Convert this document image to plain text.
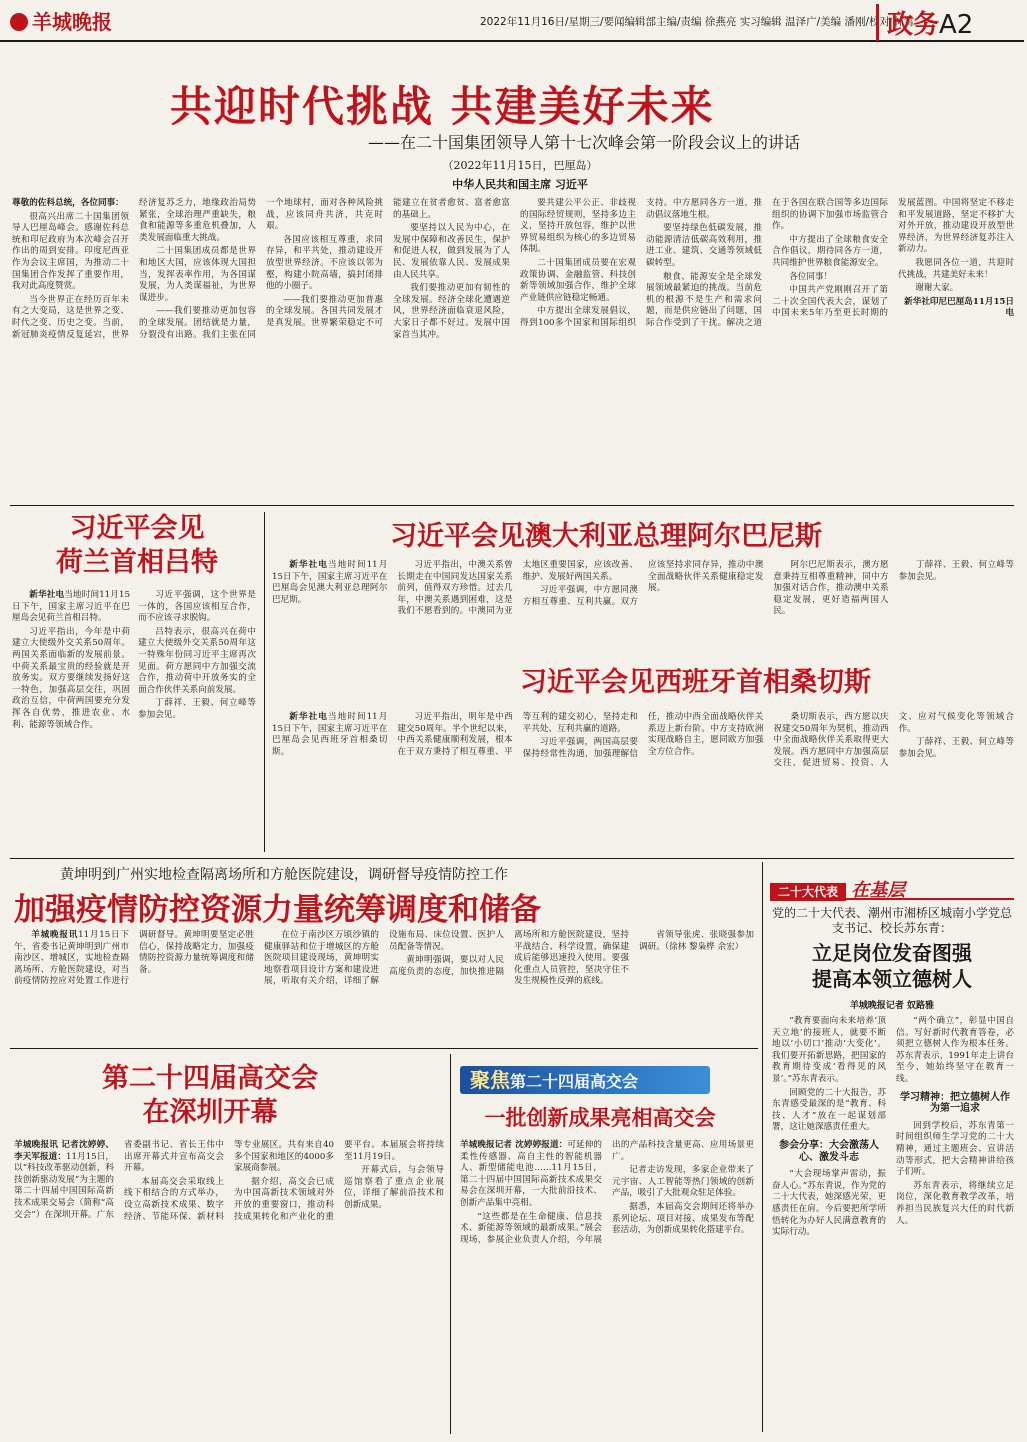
羊城晚报	2022年11月16日/星期三/要闻编辑部主编/责编 徐燕亮 实习编辑 温泽广/美编 潘刚/校对 林霄
政务A2
共迎时代挑战 共建美好未来
——在二十国集团领导人第十七次峰会第一阶段会议上的讲话
（2022年11月15日，巴厘岛）
中华人民共和国主席 习近平

尊敬的佐科总统，各位同事：

很高兴出席二十国集团领导人巴厘岛峰会。感谢佐科总统和印尼政府为本次峰会召开作出的周到安排。印度尼西亚作为会议主席国，为推动二十国集团合作发挥了重要作用，我对此高度赞赏。

当今世界正在经历百年未有之大变局，这是世界之变、时代之变、历史之变。当前，新冠肺炎疫情反复延宕，世界经济复苏乏力，地缘政治局势紧张，全球治理严重缺失，粮食和能源等多重危机叠加，人类发展面临重大挑战。

二十国集团成员都是世界和地区大国，应该体现大国担当，发挥表率作用，为各国谋发展，为人类谋福祉，为世界谋进步。

——我们要推动更加包容的全球发展。团结就是力量，分裂没有出路。我们主张在同一个地球村，面对各种风险挑战，应该同舟共济，共克时艰。

各国应该相互尊重，求同存异，和平共处，推动建设开放型世界经济。不应该以邻为壑，构建小院高墙，搞封闭排他的小圈子。

——我们要推动更加普惠的全球发展。各国共同发展才是真发展。世界繁荣稳定不可能建立在贫者愈贫、富者愈富的基础上。

要坚持以人民为中心，在发展中保障和改善民生，保护和促进人权，做到发展为了人民、发展依靠人民、发展成果由人民共享。

我们要推动更加有韧性的全球发展。经济全球化遭遇逆风，世界经济面临衰退风险，大家日子都不好过。发展中国家首当其冲。

要共建公平公正、非歧视的国际经贸规则，坚持多边主义，坚持开放包容，维护以世界贸易组织为核心的多边贸易体制。

二十国集团成员要在宏观政策协调、金融监管、科技创新等领域加强合作，维护全球产业链供应链稳定畅通。

中方提出全球发展倡议，得到100多个国家和国际组织支持。中方愿同各方一道，推动倡议落地生根。

要坚持绿色低碳发展，推动能源清洁低碳高效利用，推进工业、建筑、交通等领域低碳转型。

粮食、能源安全是全球发展领域最紧迫的挑战。当前危机的根源不是生产和需求问题，而是供应链出了问题，国际合作受到了干扰。解决之道在于各国在联合国等多边国际组织的协调下加强市场监管合作。

中方提出了全球粮食安全合作倡议，期待同各方一道，共同维护世界粮食能源安全。

各位同事！

中国共产党刚刚召开了第二十次全国代表大会，谋划了中国未来5年乃至更长时期的发展蓝图。中国将坚定不移走和平发展道路，坚定不移扩大对外开放，推动建设开放型世界经济，为世界经济复苏注入新动力。

我愿同各位一道，共迎时代挑战，共建美好未来！

谢谢大家。

新华社印尼巴厘岛11月15日电

习近平会见
荷兰首相吕特

新华社电当地时间11月15日下午，国家主席习近平在巴厘岛会见荷兰首相吕特。

习近平指出，今年是中荷建立大使级外交关系50周年。两国关系面临新的发展前景。中荷关系最宝贵的经验就是开放务实。双方要继续发扬好这一特色，加强高层交往，巩固政治互信，中荷两国要充分发挥各自优势，推进农业、水利、能源等领域合作。

习近平强调，这个世界是一体的，各国应该相互合作，而不应该寻求脱钩。

吕特表示，很高兴在荷中建立大使级外交关系50周年这一特殊年份同习近平主席再次见面。荷方愿同中方加强交流合作，推动荷中开放务实的全面合作伙伴关系向前发展。

丁薛祥、王毅、何立峰等参加会见。

习近平会见澳大利亚总理阿尔巴尼斯

新华社电当地时间11月15日下午，国家主席习近平在巴厘岛会见澳大利亚总理阿尔巴尼斯。

习近平指出，中澳关系曾长期走在中国同发达国家关系前列，值得双方珍惜。过去几年，中澳关系遇到困难，这是我们不愿看到的。中澳同为亚太地区重要国家，应该改善、维护、发展好两国关系。

习近平强调，中方愿同澳方相互尊重、互利共赢。双方应该坚持求同存异，推动中澳全面战略伙伴关系健康稳定发展。

阿尔巴尼斯表示，澳方愿意秉持互相尊重精神，同中方加强对话合作，推动澳中关系稳定发展，更好造福两国人民。

丁薛祥、王毅、何立峰等参加会见。

习近平会见西班牙首相桑切斯

新华社电当地时间11月15日下午，国家主席习近平在巴厘岛会见西班牙首相桑切斯。

习近平指出，明年是中西建交50周年。半个世纪以来，中西关系健康顺利发展，根本在于双方秉持了相互尊重、平等互利的建交初心，坚持走和平共处、互利共赢的道路。

习近平强调，两国高层要保持经常性沟通，加强理解信任，推动中西全面战略伙伴关系迈上新台阶。中方支持欧洲实现战略自主，愿同欧方加强全方位合作。

桑切斯表示，西方愿以庆祝建交50周年为契机，推动西中全面战略伙伴关系取得更大发展。西方愿同中方加强高层交往，促进贸易、投资、人文、应对气候变化等领域合作。

丁薛祥、王毅、何立峰等参加会见。

黄坤明到广州实地检查隔离场所和方舱医院建设，调研督导疫情防控工作
加强疫情防控资源力量统筹调度和储备

羊城晚报讯11月15日下午，省委书记黄坤明到广州市南沙区、增城区，实地检查隔离场所、方舱医院建设，对当前疫情防控应对处置工作进行调研督导。黄坤明要坚定必胜信心，保持战略定力，加强疫情防控资源力量统筹调度和储备。

在位于南沙区万顷沙镇的健康驿站和位于增城区的方舱医院项目建设现场，黄坤明实地察看项目设计方案和建设进展，听取有关介绍，详细了解设施布局、床位设置、医护人员配备等情况。

黄坤明强调，要以对人民高度负责的态度，加快推进隔离场所和方舱医院建设，坚持平战结合、科学设置，确保建成后能够迅速投入使用。要强化重点人员管控，坚决守住不发生规模性反弹的底线。

省领导张虎、张晓强参加调研。（徐林 黎枭桦 余宏）

二十大代表 在基层
党的二十大代表、潮州市湘桥区城南小学党总支书记、校长苏东青：
立足岗位发奋图强
提高本领立德树人
羊城晚报记者 奴路雅

“教育要面向未来培养‘顶天立地’的接班人，就要不断地以‘小切口’推动‘大变化’。我们要开拓新思路，把国家的教育期待变成‘看得见的风景’。”苏东青表示。

回顾党的二十大报告，苏东青感受最深的是“教育、科技、人才”放在一起谋划部署，这让她深感责任重大。

参会分享：大会激荡人心、激发斗志

“大会现场掌声雷动，振奋人心。”苏东青说，作为党的二十大代表，她深感光荣，更感责任在肩。今后要把所学所悟转化为办好人民满意教育的实际行动。

“两个确立”，彰显中国自信。写好新时代教育答卷，必须把立德树人作为根本任务。苏东青表示，1991年走上讲台至今，她始终坚守在教育一线。

学习精神：把立德树人作为第一追求

回到学校后，苏东青第一时间组织师生学习党的二十大精神，通过主题班会、宣讲活动等形式，把大会精神讲给孩子们听。

苏东青表示，将继续立足岗位，深化教育教学改革，培养担当民族复兴大任的时代新人。

第二十四届高交会
在深圳开幕

羊城晚报讯 记者沈婷婷、李天军报道：11月15日，以“科技改革驱动创新，科技创新驱动发展”为主题的第二十四届中国国际高新技术成果交易会（简称“高交会”）在深圳开幕。广东省委副书记、省长王伟中出席开幕式并宣布高交会开幕。

本届高交会采取线上线下相结合的方式举办，设立高新技术成果、数字经济、节能环保、新材料等专业展区。共有来自40多个国家和地区的4000多家展商参展。

据介绍，高交会已成为中国高新技术领域对外开放的重要窗口，推动科技成果转化和产业化的重要平台。本届展会将持续至11月19日。

开幕式后，与会领导巡馆察看了重点企业展位，详细了解前沿技术和创新成果。

聚焦第二十四届高交会
一批创新成果亮相高交会

羊城晚报记者 沈婷婷报道：可延伸的柔性传感器、高自主性的智能机器人、新型储能电池……11月15日，第二十四届中国国际高新技术成果交易会在深圳开幕，一大批前沿技术、创新产品集中亮相。

“这些都是在生命健康、信息技术、新能源等领域的最新成果。”展会现场，参展企业负责人介绍，今年展出的产品科技含量更高、应用场景更广。

记者走访发现，多家企业带来了元宇宙、人工智能等热门领域的创新产品，吸引了大批观众驻足体验。

据悉，本届高交会期间还将举办系列论坛、项目对接、成果发布等配套活动，为创新成果转化搭建平台。
